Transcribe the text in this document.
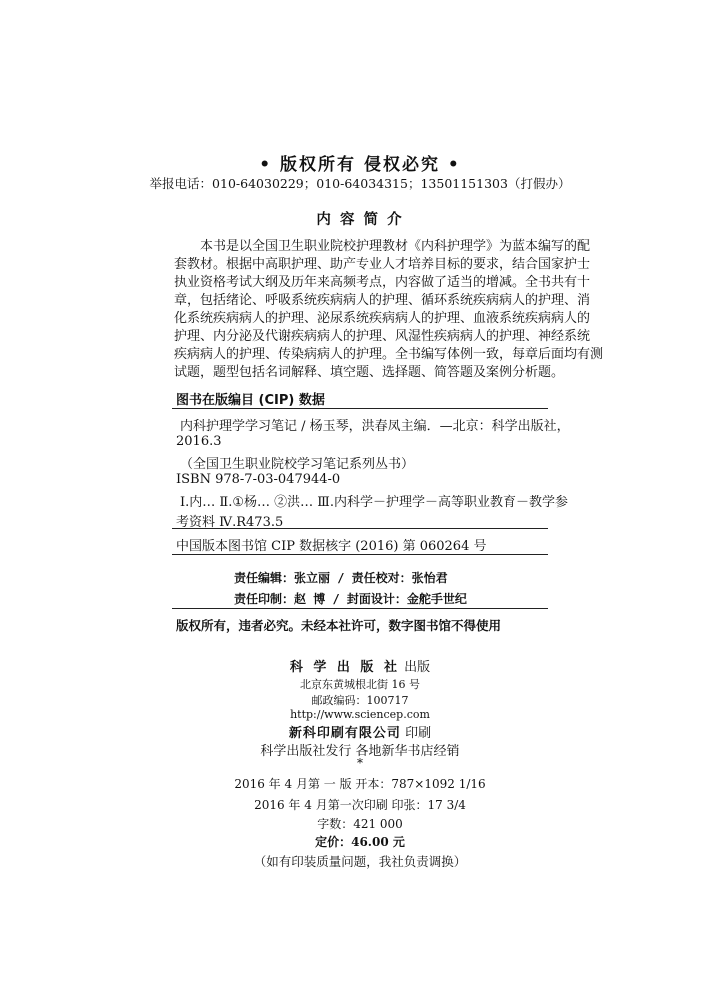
• 版权所有 侵权必究 •
举报电话：010-64030229；010-64034315；13501151303（打假办）
内 容 简 介
本书是以全国卫生职业院校护理教材《内科护理学》为蓝本编写的配
套教材。根据中高职护理、助产专业人才培养目标的要求，结合国家护士
执业资格考试大纲及历年来高频考点，内容做了适当的增减。全书共有十
章，包括绪论、呼吸系统疾病病人的护理、循环系统疾病病人的护理、消
化系统疾病病人的护理、泌尿系统疾病病人的护理、血液系统疾病病人的
护理、内分泌及代谢疾病病人的护理、风湿性疾病病人的护理、神经系统
疾病病人的护理、传染病病人的护理。全书编写体例一致，每章后面均有测
试题，题型包括名词解释、填空题、选择题、简答题及案例分析题。
图书在版编目 (CIP) 数据
内科护理学学习笔记 / 杨玉琴，洪春凤主编．—北京：科学出版社，
2016.3
（全国卫生职业院校学习笔记系列丛书）
ISBN 978-7-03-047944-0
Ⅰ.内… Ⅱ.①杨… ②洪… Ⅲ.内科学－护理学－高等职业教育－教学参
考资料 Ⅳ.R473.5
中国版本图书馆 CIP 数据核字 (2016) 第 060264 号
责任编辑：张立丽 / 责任校对：张怡君
责任印制：赵 博 / 封面设计：金舵手世纪
版权所有，违者必究。未经本社许可，数字图书馆不得使用
科 学 出 版 社 出版
北京东黄城根北街 16 号
邮政编码：100717
http://www.sciencep.com
新科印刷有限公司 印刷
科学出版社发行 各地新华书店经销
*
2016 年 4 月第 一 版 开本：787×1092 1/16
2016 年 4 月第一次印刷 印张：17 3/4
字数：421 000
定价：46.00 元
（如有印装质量问题，我社负责调换）
